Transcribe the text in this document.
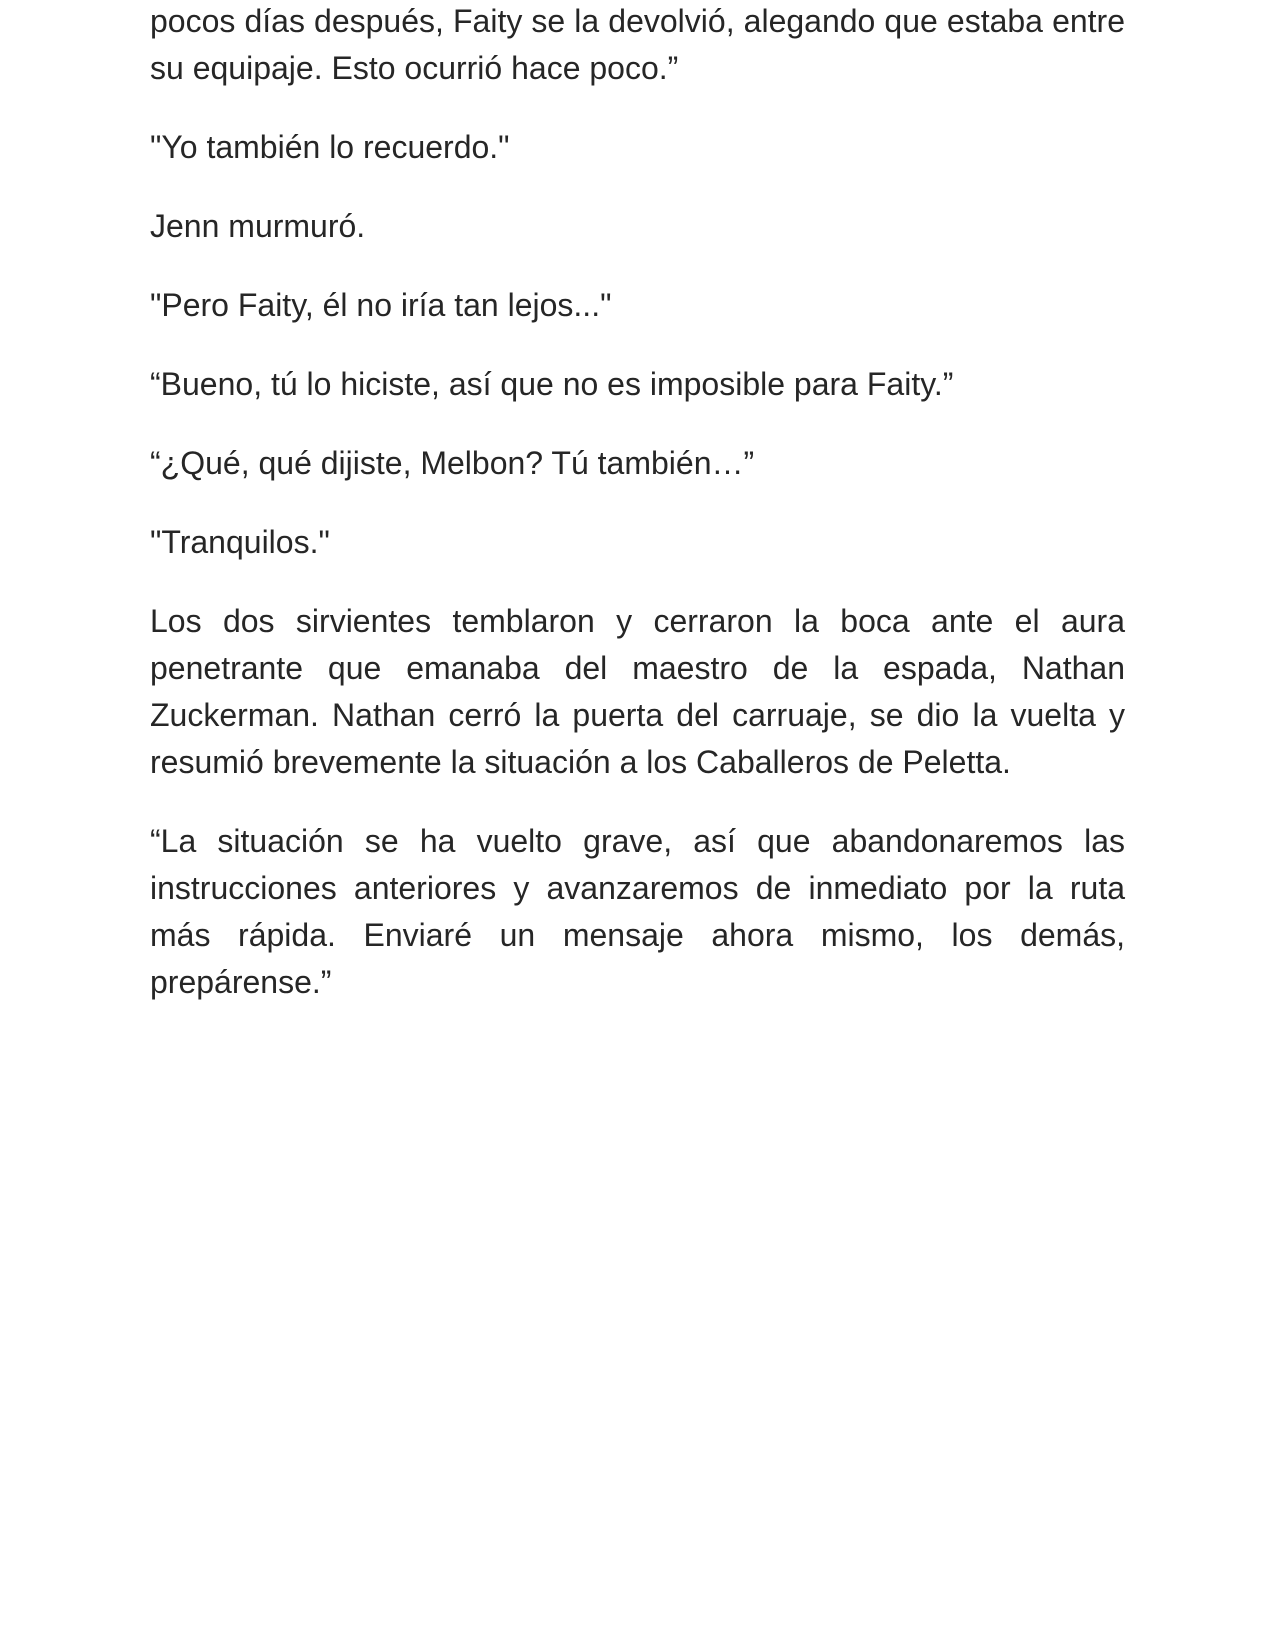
pocos días después, Faity se la devolvió, alegando que estaba entre su equipaje. Esto ocurrió hace poco.”

"Yo también lo recuerdo."

Jenn murmuró.

"Pero Faity, él no iría tan lejos..."

“Bueno, tú lo hiciste, así que no es imposible para Faity.”

“¿Qué, qué dijiste, Melbon? Tú también…”

"Tranquilos."

Los dos sirvientes temblaron y cerraron la boca ante el aura penetrante que emanaba del maestro de la espada, Nathan Zuckerman. Nathan cerró la puerta del carruaje, se dio la vuelta y resumió brevemente la situación a los Caballeros de Peletta.

“La situación se ha vuelto grave, así que abandonaremos las instrucciones anteriores y avanzaremos de inmediato por la ruta más rápida. Enviaré un mensaje ahora mismo, los demás, prepárense.”
